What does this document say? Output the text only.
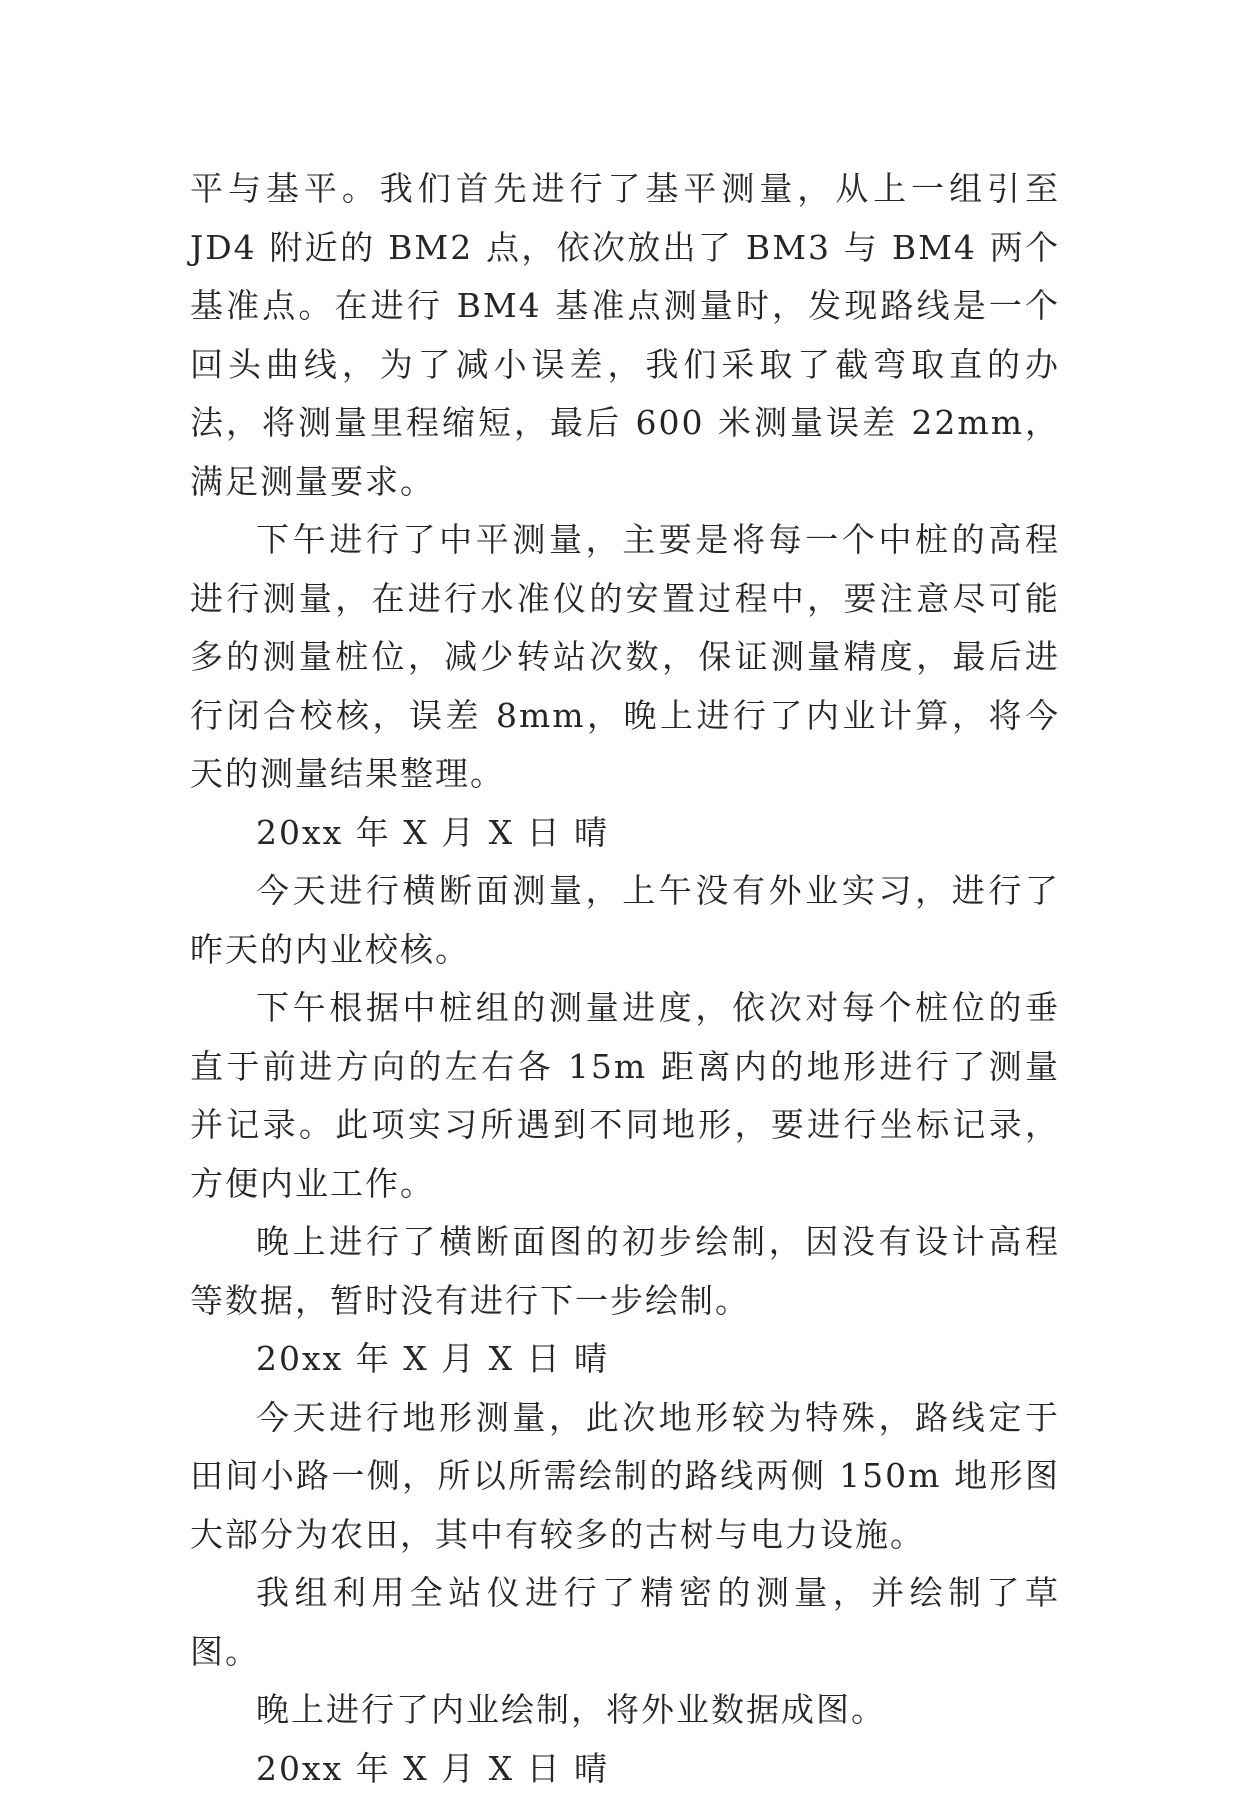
平与基平。我们首先进行了基平测量，从上一组引至 JD4 附近的 BM2 点，依次放出了 BM3 与 BM4 两个基准点。在进行 BM4 基准点测量时，发现路线是一个回头曲线，为了减小误差，我们采取了截弯取直的办法，将测量里程缩短，最后 600 米测量误差 22mm，满足测量要求。

下午进行了中平测量，主要是将每一个中桩的高程进行测量，在进行水准仪的安置过程中，要注意尽可能多的测量桩位，减少转站次数，保证测量精度，最后进行闭合校核，误差 8mm，晚上进行了内业计算，将今天的测量结果整理。

20xx 年 X 月 X 日 晴

今天进行横断面测量，上午没有外业实习，进行了昨天的内业校核。

下午根据中桩组的测量进度，依次对每个桩位的垂直于前进方向的左右各 15m 距离内的地形进行了测量并记录。此项实习所遇到不同地形，要进行坐标记录，方便内业工作。

晚上进行了横断面图的初步绘制，因没有设计高程等数据，暂时没有进行下一步绘制。

20xx 年 X 月 X 日 晴

今天进行地形测量，此次地形较为特殊，路线定于田间小路一侧，所以所需绘制的路线两侧 150m 地形图大部分为农田，其中有较多的古树与电力设施。

我组利用全站仪进行了精密的测量，并绘制了草图。

晚上进行了内业绘制，将外业数据成图。

20xx 年 X 月 X 日 晴
